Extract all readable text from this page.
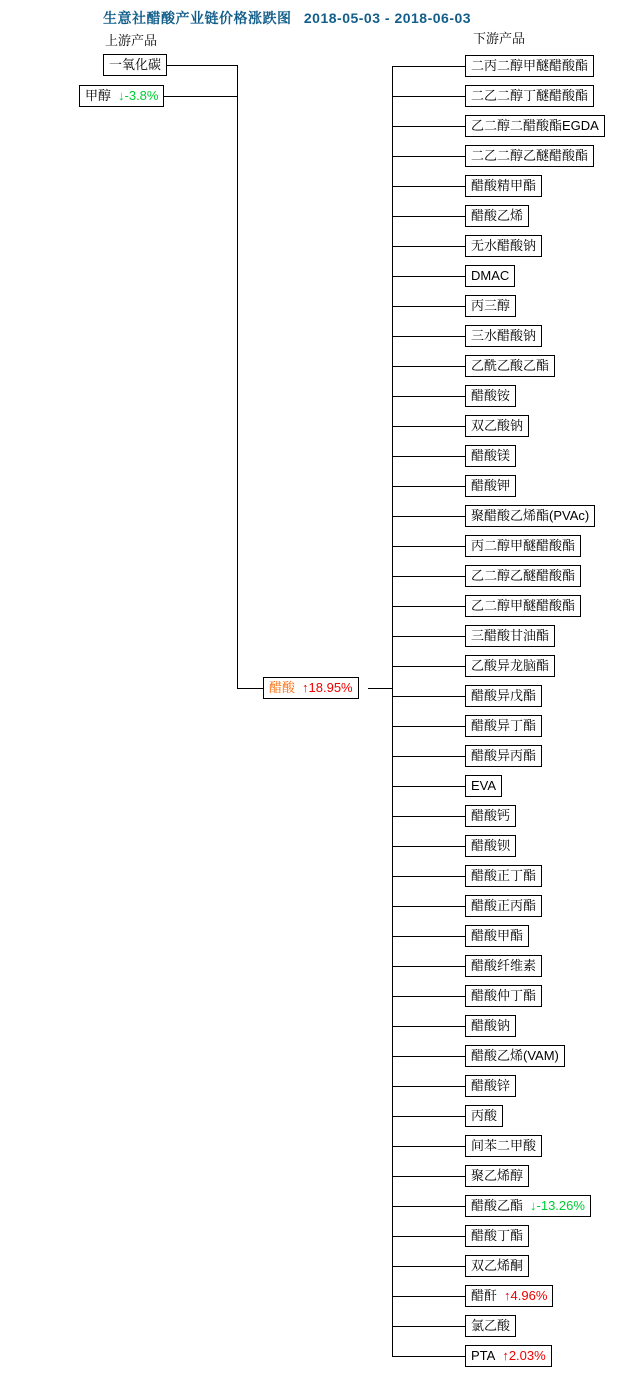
生意社醋酸产业链价格涨跌图 2018-05-03 - 2018-06-03
上游产品	下游产品
一氧化碳
甲醇 ↓-3.8%
醋酸 ↑18.95%
二丙二醇甲醚醋酸酯
二乙二醇丁醚醋酸酯
乙二醇二醋酸酯EGDA
二乙二醇乙醚醋酸酯
醋酸精甲酯
醋酸乙烯
无水醋酸钠
DMAC
丙三醇
三水醋酸钠
乙酰乙酸乙酯
醋酸铵
双乙酸钠
醋酸镁
醋酸钾
聚醋酸乙烯酯(PVAc)
丙二醇甲醚醋酸酯
乙二醇乙醚醋酸酯
乙二醇甲醚醋酸酯
三醋酸甘油酯
乙酸异龙脑酯
醋酸异戊酯
醋酸异丁酯
醋酸异丙酯
EVA
醋酸钙
醋酸钡
醋酸正丁酯
醋酸正丙酯
醋酸甲酯
醋酸纤维素
醋酸仲丁酯
醋酸钠
醋酸乙烯(VAM)
醋酸锌
丙酸
间苯二甲酸
聚乙烯醇
醋酸乙酯 ↓-13.26%
醋酸丁酯
双乙烯酮
醋酐 ↑4.96%
氯乙酸
PTA ↑2.03%
